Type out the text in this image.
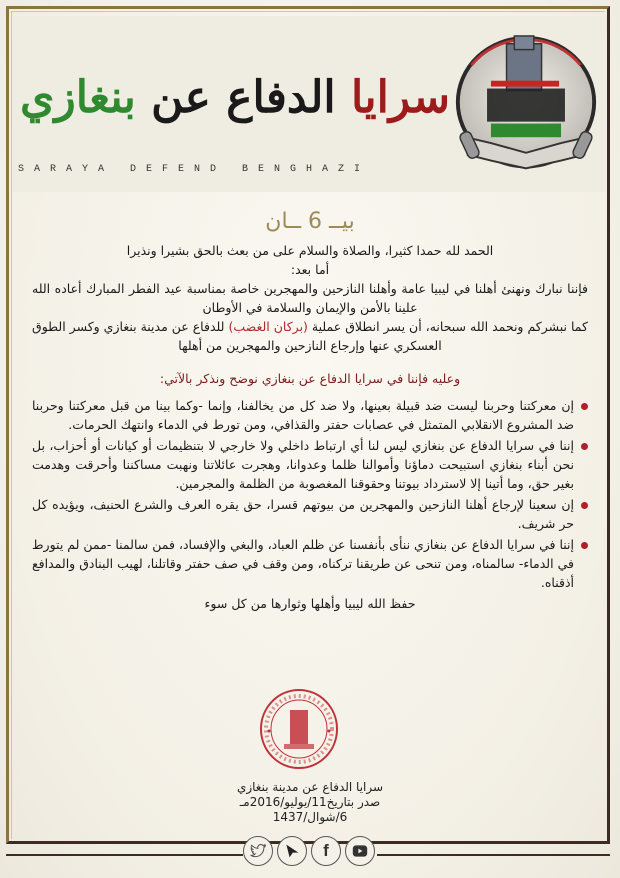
سرايا الدفاع عن بنغازي
SARAYA DEFEND BENGHAZI
بيــ 6 ــان

الحمد لله حمدا كثيرا، والصلاة والسلام على من بعث بالحق بشيرا ونذيرا

أما بعد:

فإننا نبارك ونهنئ أهلنا في ليبيا عامة وأهلنا النازحين والمهجرين خاصة بمناسبة عيد الفطر المبارك أعاده الله علينا بالأمن والإيمان والسلامة في الأوطان

كما نبشركم ونحمد الله سبحانه، أن يسر انطلاق عملية (بركان الغضب) للدفاع عن مدينة بنغازي وكسر الطوق العسكري عنها وإرجاع النازحين والمهجرين من أهلها

وعليه فإننا في سرايا الدفاع عن بنغازي نوضح ونذكر بالآتي:

إن معركتنا وحربنا ليست ضد قبيلة بعينها، ولا ضد كل من يخالفنا، وإنما -وكما بينا من قبل معركتنا وحربنا ضد المشروع الانقلابي المتمثل في عصابات حفتر والقذافي، ومن تورط في الدماء وانتهك الحرمات.
إننا في سرايا الدفاع عن بنغازي ليس لنا أي ارتباط داخلي ولا خارجي لا بتنظيمات أو كيانات أو أحزاب، بل نحن أبناء بنغازي استبيحت دماؤنا وأموالنا ظلما وعدوانا، وهجرت عائلاتنا ونهبت مساكننا وأحرقت وهدمت بغير حق، وما أتينا إلا لاسترداد بيوتنا وحقوقنا المغصوبة من الظلمة والمجرمين.
إن سعينا لإرجاع أهلنا النازحين والمهجرين من بيوتهم قسرا، حق يقره العرف والشرع الحنيف، ويؤيده كل حر شريف.
إننا في سرايا الدفاع عن بنغازي ننأى بأنفسنا عن ظلم العباد، والبغي والإفساد، فمن سالمنا -ممن لم يتورط في الدماء- سالمناه، ومن تنحى عن طريقنا تركناه، ومن وقف في صف حفتر وقاتلنا، لهيب البنادق والمدافع أذقناه.

حفظ الله ليبيا وأهلها وثوارها من كل سوء

سرايا الدفاع عن مدينة بنغازي
صدر بتاريخ11/يوليو/2016مـ
6/شوال/1437
f
